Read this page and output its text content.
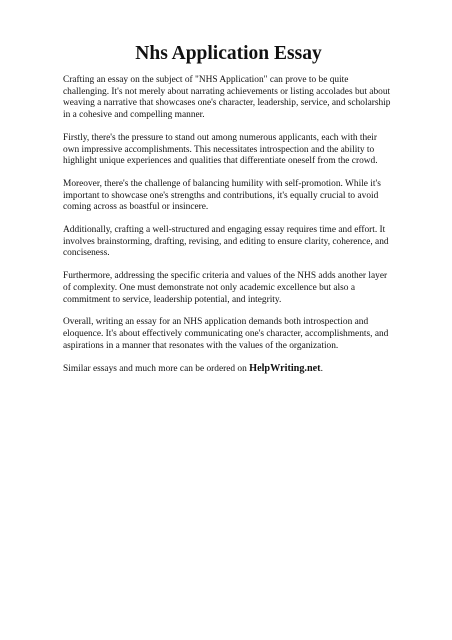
Nhs Application Essay

Crafting an essay on the subject of "NHS Application" can prove to be quite challenging. It's not merely about narrating achievements or listing accolades but about weaving a narrative that showcases one's character, leadership, service, and scholarship in a cohesive and compelling manner.

Firstly, there's the pressure to stand out among numerous applicants, each with their own impressive accomplishments. This necessitates introspection and the ability to highlight unique experiences and qualities that differentiate oneself from the crowd.

Moreover, there's the challenge of balancing humility with self-promotion. While it's important to showcase one's strengths and contributions, it's equally crucial to avoid coming across as boastful or insincere.

Additionally, crafting a well-structured and engaging essay requires time and effort. It involves brainstorming, drafting, revising, and editing to ensure clarity, coherence, and conciseness.

Furthermore, addressing the specific criteria and values of the NHS adds another layer of complexity. One must demonstrate not only academic excellence but also a commitment to service, leadership potential, and integrity.

Overall, writing an essay for an NHS application demands both introspection and eloquence. It's about effectively communicating one's character, accomplishments, and aspirations in a manner that resonates with the values of the organization.

Similar essays and much more can be ordered on HelpWriting.net.
